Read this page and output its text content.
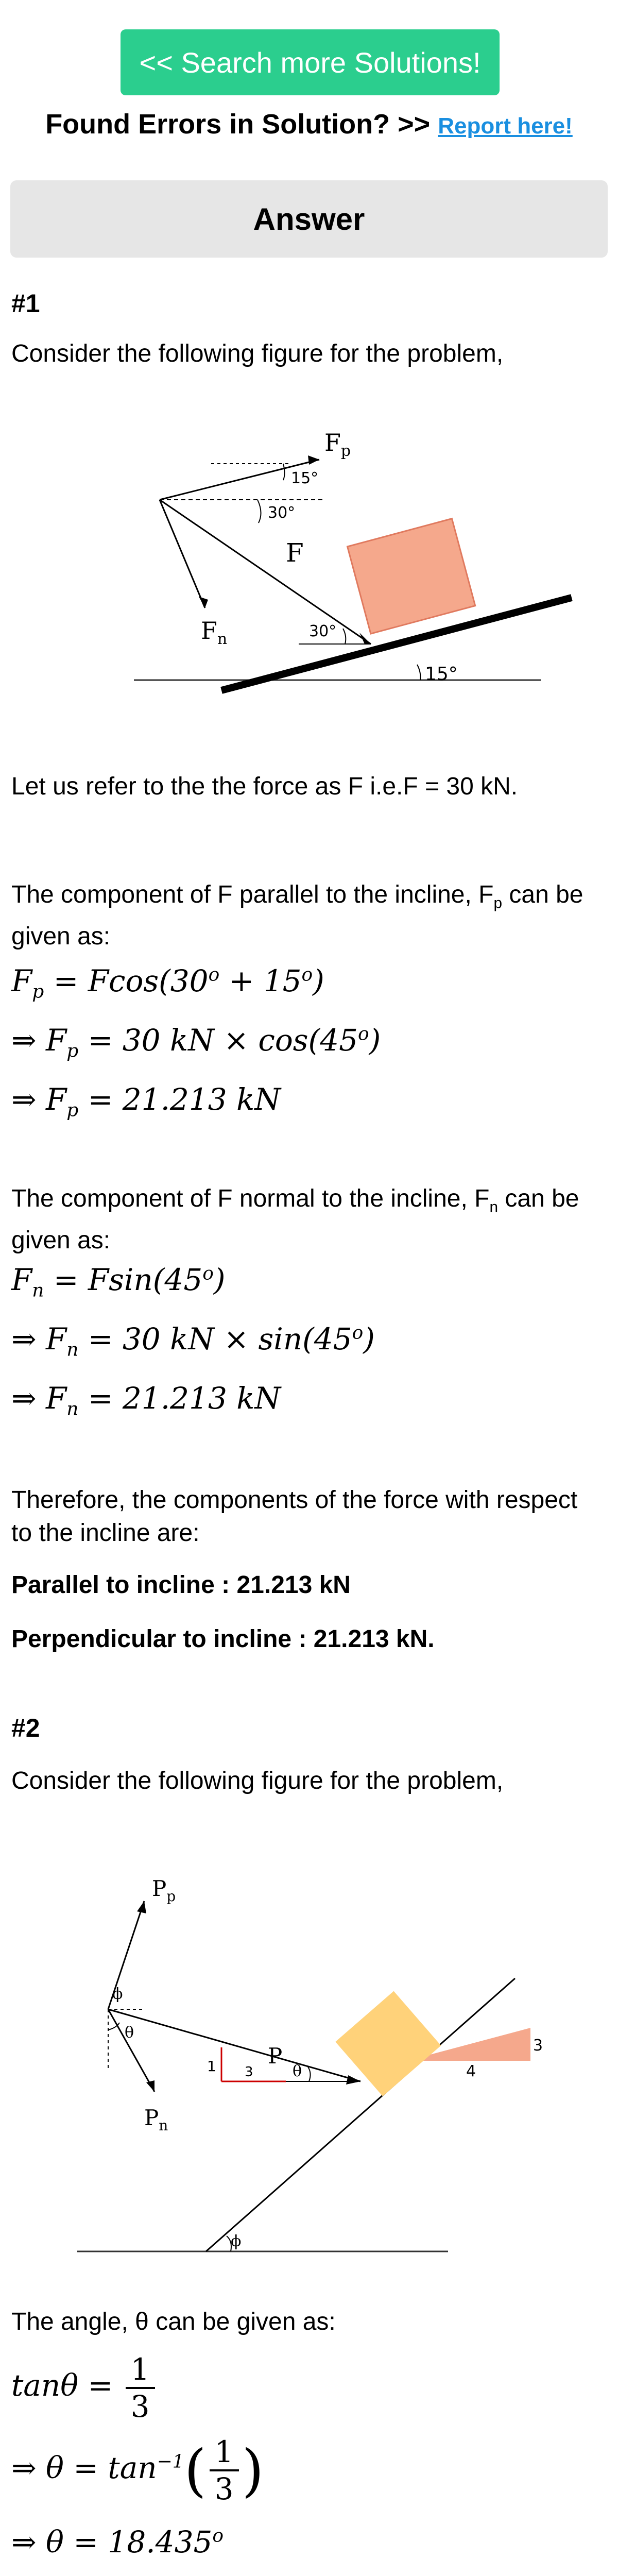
<< Search more Solutions!
Found Errors in Solution? >> Report here!
Answer
#1
Consider the following figure for the problem,
$F_p$
F
$F_n$
15°
30°
30°
15°
Let us refer to the the force as F i.e.F = 30 kN.
The component of F parallel to the incline, $F_p$ can be given as:
$F_p = Fcos(30^o + 15^o)$
⇒ $F_p = 30$ kN × $\cos(45^o)$
⇒ $F_p = 21.213$ kN
The component of F normal to the incline, $F_n$ can be given as:
$F_n = Fsin(45^o)$
⇒ $F_n = 30$ kN × $\sin(45^o)$
⇒ $F_n = 21.213$ kN
Therefore, the components of the force with respect to the incline are:
Parallel to incline : 21.213 kN
Perpendicular to incline : 21.213 kN.
#2
Consider the following figure for the problem,
$P_p$
$P_n$
P
ϕ
θ
θ
1 3
3
4
ϕ
The angle, θ can be given as:
$\tan\theta = \frac{1}{3}$
⇒ $\theta = \tan^{-1}( \frac{1}{3}$ )
⇒ $\theta = 18.435^o$
